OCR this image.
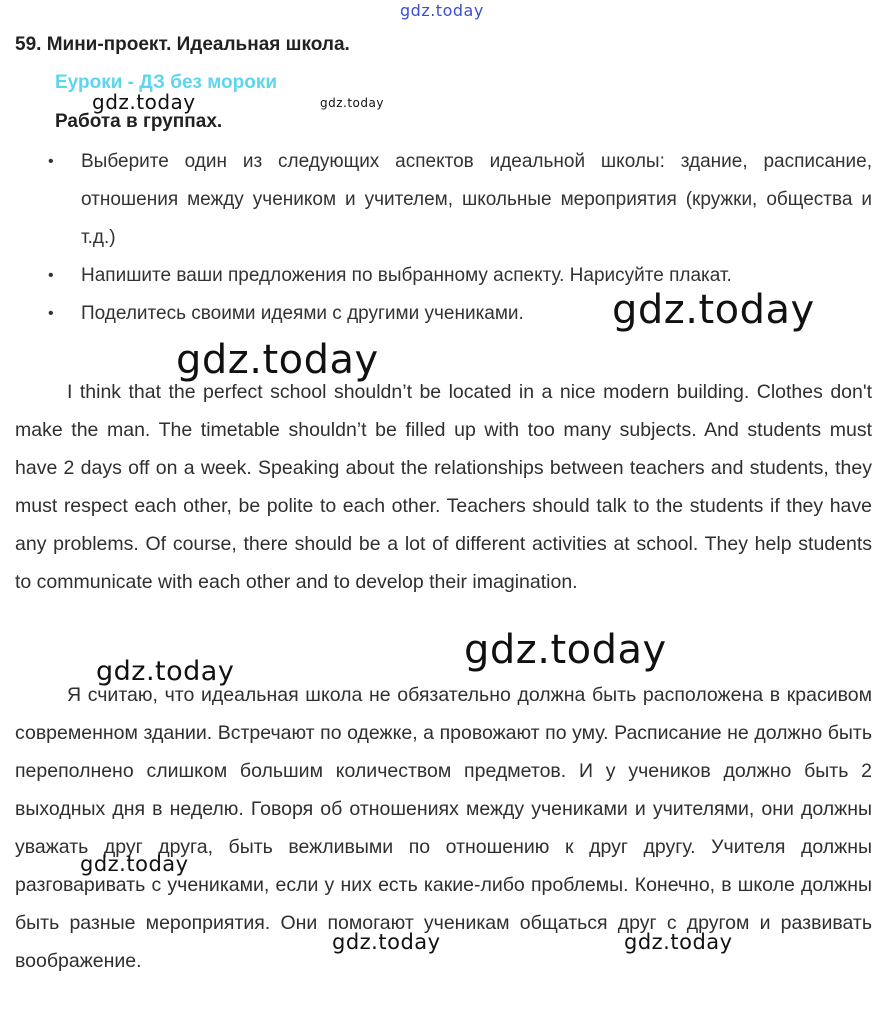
gdz.today
59. Мини-проект. Идеальная школа.
Еуроки - ДЗ без мороки
Работа в группах.
• Выберите один из следующих аспектов идеальной школы: здание, расписание, отношения между учеником и учителем, школьные мероприятия (кружки, общества и т.д.)
• Напишите ваши предложения по выбранному аспекту. Нарисуйте плакат.
• Поделитесь своими идеями с другими учениками.

I think that the perfect school shouldn’t be located in a nice modern building. Clothes don't make the man. The timetable shouldn’t be filled up with too many subjects. And students must have 2 days off on a week. Speaking about the relationships between teachers and students, they must respect each other, be polite to each other. Teachers should talk to the students if they have any problems. Of course, there should be a lot of different activities at school. They help students to communicate with each other and to develop their imagination.

Я считаю, что идеальная школа не обязательно должна быть расположена в красивом современном здании. Встречают по одежке, а провожают по уму. Расписание не должно быть переполнено слишком большим количеством предметов. И у учеников должно быть 2 выходных дня в неделю. Говоря об отношениях между учениками и учителями, они должны уважать друг друга, быть вежливыми по отношению к друг другу. Учителя должны разговаривать с учениками, если у них есть какие-либо проблемы. Конечно, в школе должны быть разные мероприятия. Они помогают ученикам общаться друг с другом и развивать воображение.

gdz.today	gdz.today
gdz.today
gdz.today
gdz.today
gdz.today
gdz.today
gdz.today	gdz.today
